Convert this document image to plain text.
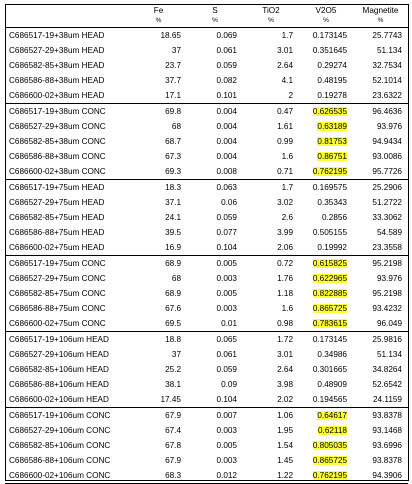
	Fe	S	TiO2	V2O5	Magnetite
	%	%	%	%	%
C686517-19+38um HEAD	18.65	0.069	1.7	0.173145	25.7743
C686527-29+38um HEAD	37	0.061	3.01	0.351645	51.134
C686582-85+38um HEAD	23.7	0.059	2.64	0.29274	32.7534
C686586-88+38um HEAD	37.7	0.082	4.1	0.48195	52.1014
C686600-02+38um HEAD	17.1	0.101	2	0.19278	23.6322
C686517-19+38um CONC	69.8	0.004	0.47	0.626535	96.4636
C686527-29+38um CONC	68	0.004	1.61	0.63189	93.976
C686582-85+38um CONC	68.7	0.004	0.99	0.81753	94.9434
C686586-88+38um CONC	67.3	0.004	1.6	0.86751	93.0086
C686600-02+38um CONC	69.3	0.008	0.71	0.762195	95.7726
C686517-19+75um HEAD	18.3	0.063	1.7	0.169575	25.2906
C686527-29+75um HEAD	37.1	0.06	3.02	0.35343	51.2722
C686582-85+75um HEAD	24.1	0.059	2.6	0.2856	33.3062
C686586-88+75um HEAD	39.5	0.077	3.99	0.505155	54.589
C686600-02+75um HEAD	16.9	0.104	2.06	0.19992	23.3558
C686517-19+75um CONC	68.9	0.005	0.72	0.615825	95.2198
C686527-29+75um CONC	68	0.003	1.76	0.622965	93.976
C686582-85+75um CONC	68.9	0.005	1.18	0.822885	95.2198
C686586-88+75um CONC	67.6	0.003	1.6	0.865725	93.4232
C686600-02+75um CONC	69.5	0.01	0.98	0.783615	96.049
C686517-19+106um HEAD	18.8	0.065	1.72	0.173145	25.9816
C686527-29+106um HEAD	37	0.061	3.01	0.34986	51.134
C686582-85+106um HEAD	25.2	0.059	2.64	0.301665	34.8264
C686586-88+106um HEAD	38.1	0.09	3.98	0.48909	52.6542
C686600-02+106um HEAD	17.45	0.104	2.02	0.194565	24.1159
C686517-19+106um CONC	67.9	0.007	1.06	0.64617	93.8378
C686527-29+106um CONC	67.4	0.003	1.95	0.62118	93.1468
C686582-85+106um CONC	67.8	0.005	1.54	0.805035	93.6996
C686586-88+106um CONC	67.9	0.003	1.45	0.865725	93.8378
C686600-02+106um CONC	68.3	0.012	1.22	0.762195	94.3906
